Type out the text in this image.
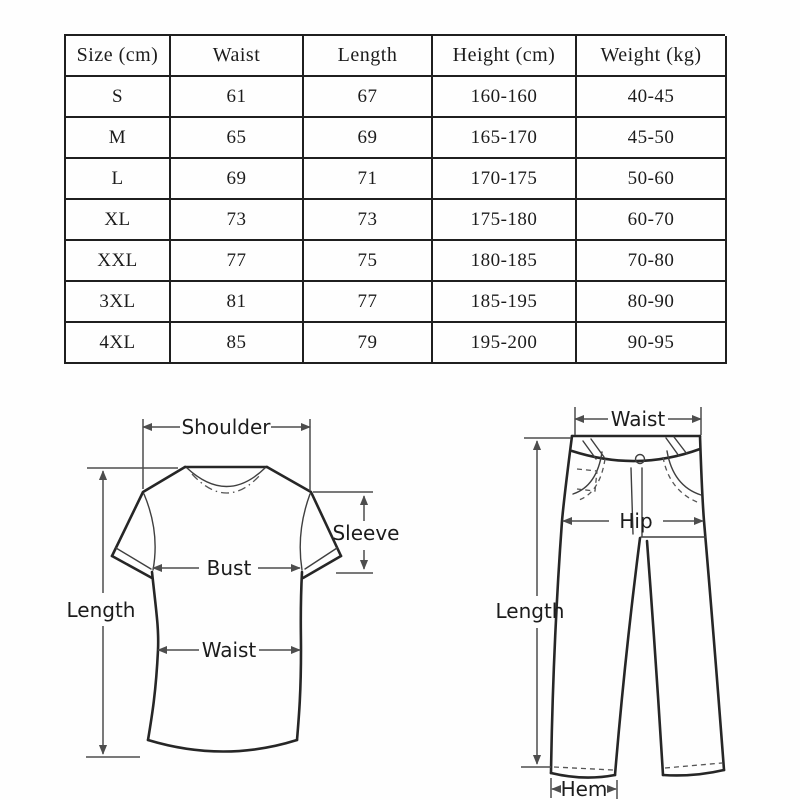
Size (cm)	Waist	Length	Height (cm)	Weight (kg)
S	61	67	160-160	40-45
M	65	69	165-170	45-50
L	69	71	170-175	50-60
XL	73	73	175-180	60-70
XXL	77	75	180-185	70-80
3XL	81	77	185-195	80-90
4XL	85	79	195-200	90-95
Shoulder
Length
Sleeve
Bust
Waist
Waist
Hip
Length
Hem
